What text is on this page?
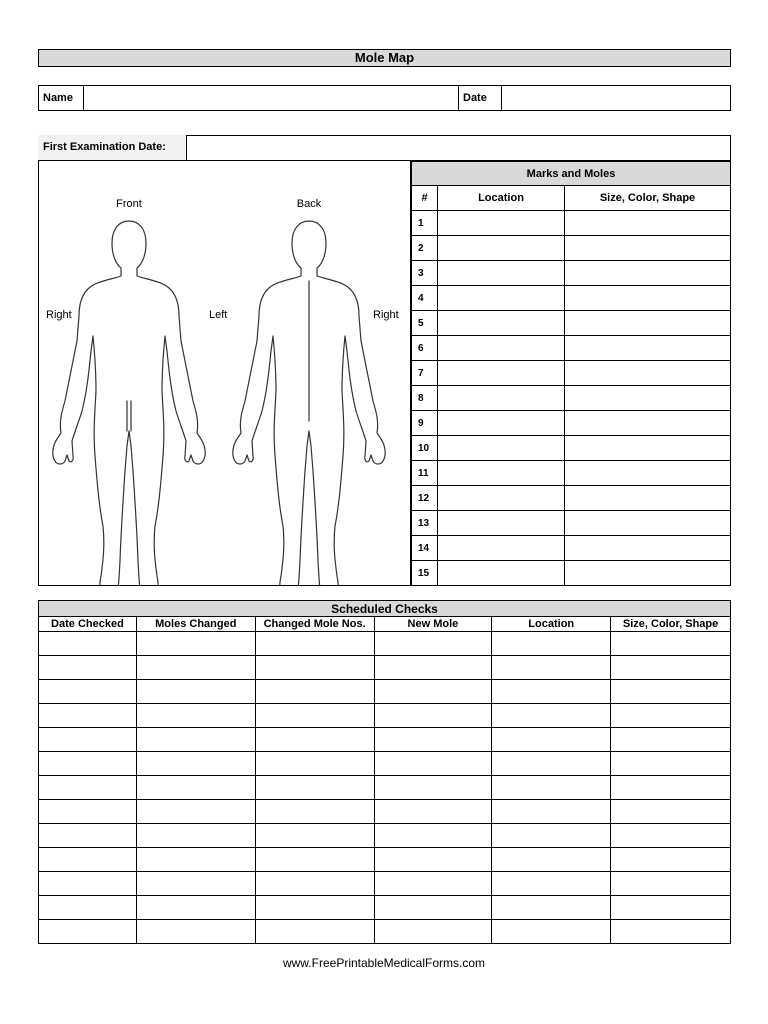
Mole Map
Name	Date
First Examination Date:
Front	Back
Right	Left	Right
Marks and Moles		
#	Location	Size, Color, Shape
1		
2		
3		
4		
5		
6		
7		
8		
9		
10		
11		
12		
13		
14		
15		
Scheduled Checks					
Date Checked	Moles Changed	Changed Mole Nos.	New Mole	Location	Size, Color, Shape

www.FreePrintableMedicalForms.com
